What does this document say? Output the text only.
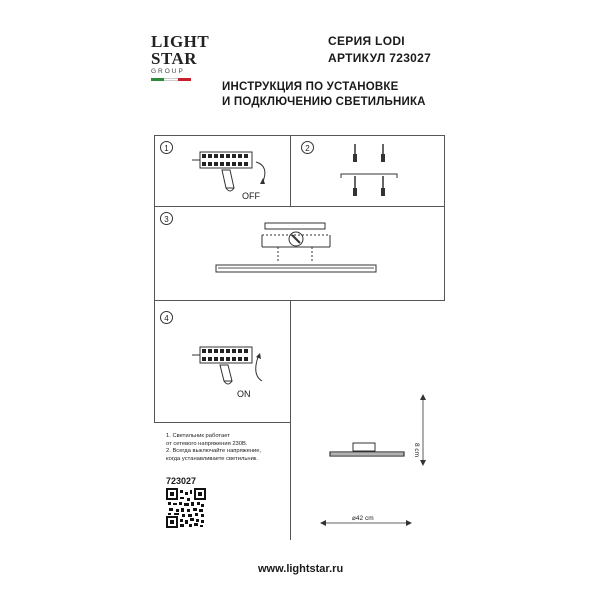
LIGHT
STAR
GROUP
СЕРИЯ LODI
АРТИКУЛ 723027
ИНСТРУКЦИЯ ПО УСТАНОВКЕ
И ПОДКЛЮЧЕНИЮ СВЕТИЛЬНИКА
1
OFF
2
3
4
ON
1. Светильник работает
от сетевого напряжения 230В.
2. Всегда выключайте напряжение,
когда устанавливаете светильник.
723027
8 cm
⌀42 cm
www.lightstar.ru
